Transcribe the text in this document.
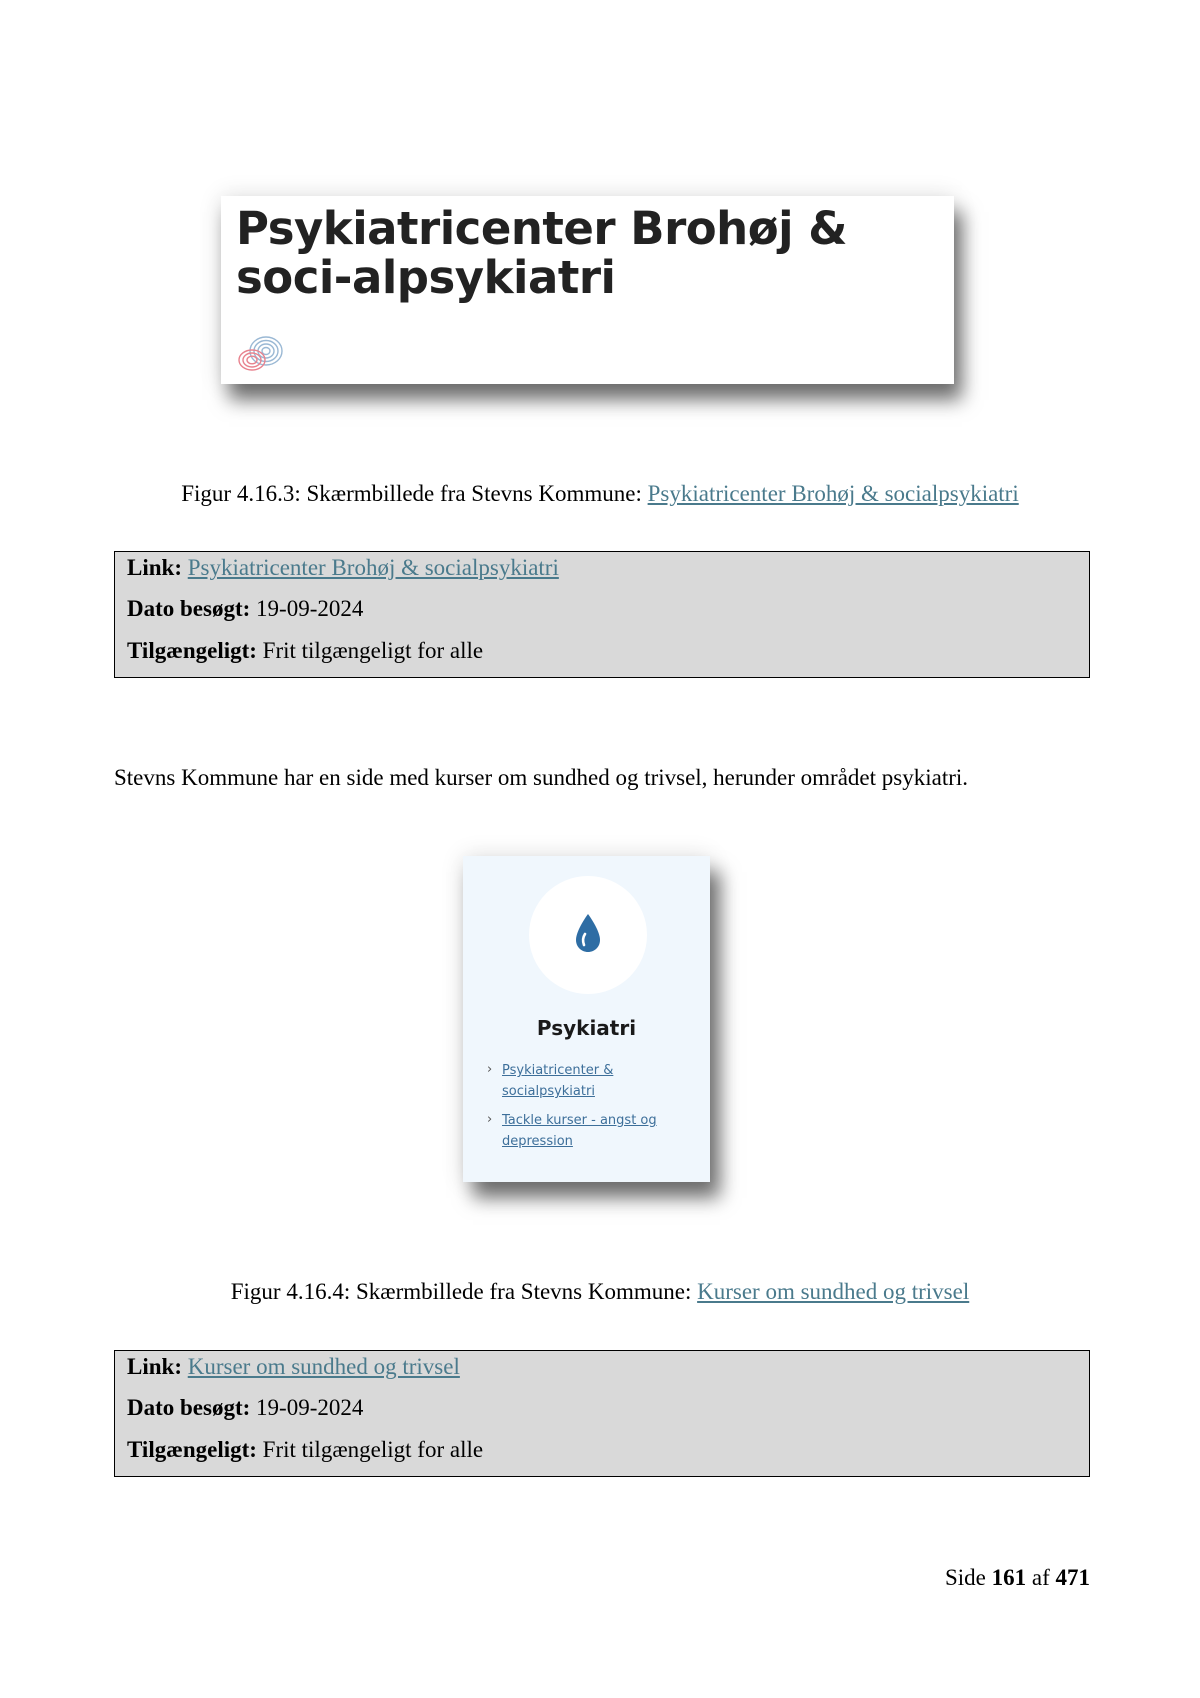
Psykiatricenter Brohøj & soci-alpsykiatri
Figur 4.16.3: Skærmbillede fra Stevns Kommune: Psykiatricenter Brohøj & socialpsykiatri
Link: Psykiatricenter Brohøj & socialpsykiatri
Dato besøgt: 19-09-2024
Tilgængeligt: Frit tilgængeligt for alle
Stevns Kommune har en side med kurser om sundhed og trivsel, herunder området psykiatri.
Psykiatri
› Psykiatricenter & socialpsykiatri
› Tackle kurser - angst og depression
Figur 4.16.4: Skærmbillede fra Stevns Kommune: Kurser om sundhed og trivsel
Link: Kurser om sundhed og trivsel
Dato besøgt: 19-09-2024
Tilgængeligt: Frit tilgængeligt for alle
Side 161 af 471
